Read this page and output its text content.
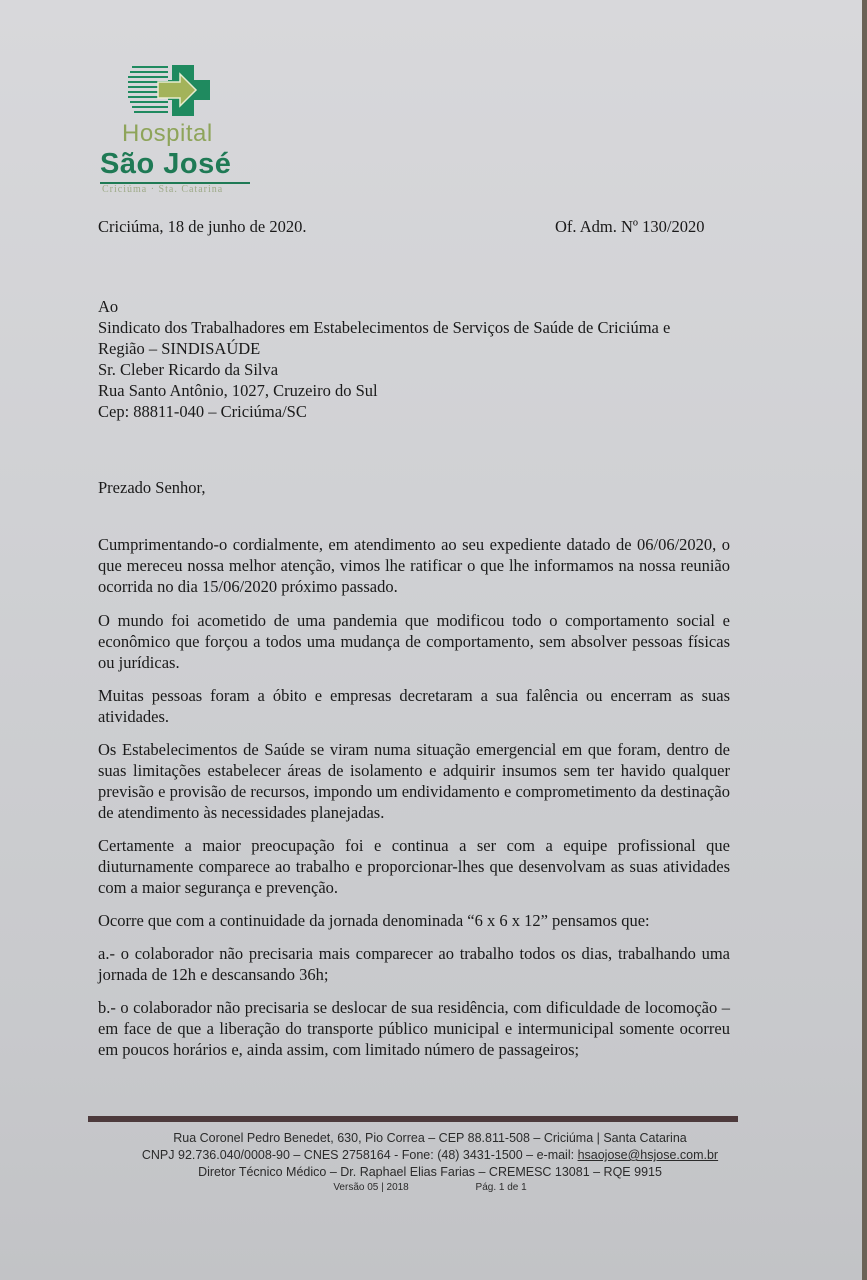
Hospital
São José
Criciúma · Sta. Catarina
Criciúma, 18 de junho de 2020.	Of. Adm. Nº 130/2020
Ao
Sindicato dos Trabalhadores em Estabelecimentos de Serviços de Saúde de Criciúma e
Região – SINDISAÚDE
Sr. Cleber Ricardo da Silva
Rua Santo Antônio, 1027, Cruzeiro do Sul
Cep: 88811-040 – Criciúma/SC
Prezado Senhor,

Cumprimentando-o cordialmente, em atendimento ao seu expediente datado de 06/06/2020, o que mereceu nossa melhor atenção, vimos lhe ratificar o que lhe informamos na nossa reunião ocorrida no dia 15/06/2020 próximo passado.

O mundo foi acometido de uma pandemia que modificou todo o comportamento social e econômico que forçou a todos uma mudança de comportamento, sem absolver pessoas físicas ou jurídicas.

Muitas pessoas foram a óbito e empresas decretaram a sua falência ou encerram as suas atividades.

Os Estabelecimentos de Saúde se viram numa situação emergencial em que foram, dentro de suas limitações estabelecer áreas de isolamento e adquirir insumos sem ter havido qualquer previsão e provisão de recursos, impondo um endividamento e comprometimento da destinação de atendimento às necessidades planejadas.

Certamente a maior preocupação foi e continua a ser com a equipe profissional que diuturnamente comparece ao trabalho e proporcionar-lhes que desenvolvam as suas atividades com a maior segurança e prevenção.

Ocorre que com a continuidade da jornada denominada “6 x 6 x 12” pensamos que:

a.- o colaborador não precisaria mais comparecer ao trabalho todos os dias, trabalhando uma jornada de 12h e descansando 36h;

b.- o colaborador não precisaria se deslocar de sua residência, com dificuldade de locomoção – em face de que a liberação do transporte público municipal e intermunicipal somente ocorreu em poucos horários e, ainda assim, com limitado número de passageiros;

Rua Coronel Pedro Benedet, 630, Pio Correa – CEP 88.811-508 – Criciúma | Santa Catarina
CNPJ 92.736.040/0008-90 – CNES 2758164 - Fone: (48) 3431-1500 – e-mail: hsaojose@hsjose.com.br
Diretor Técnico Médico – Dr. Raphael Elias Farias – CREMESC 13081 – RQE 9915
Versão 05 | 2018	Pág. 1 de 1
